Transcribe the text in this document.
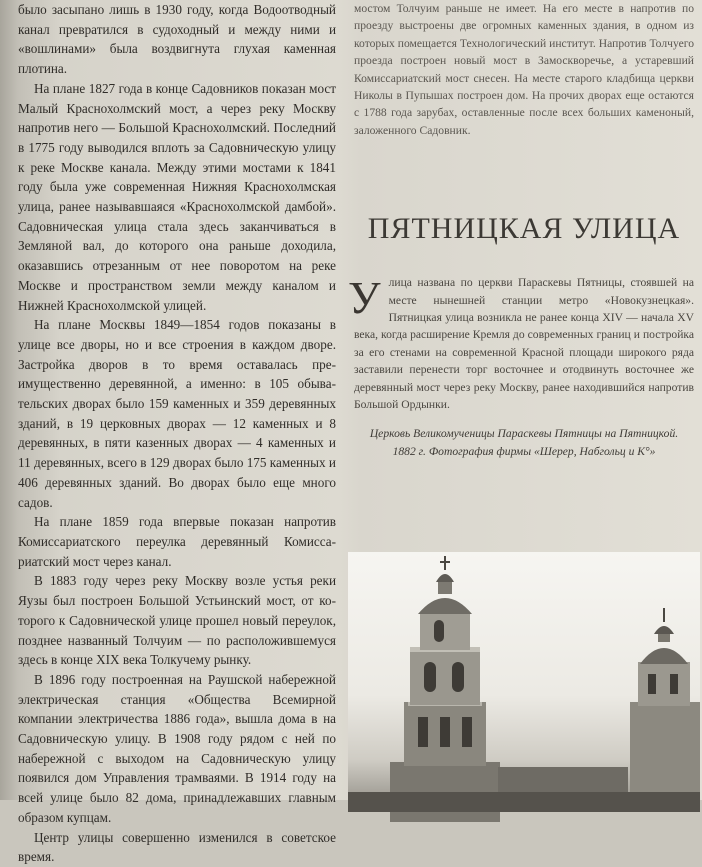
было засыпано лишь в 1930 году, когда Водоотводный канал превратился в судоходный и между ними и «вошлинами» была воздвигнута глухая каменная плотина.

На плане 1827 года в конце Садовников показан мост Малый Краснохолмский мост, а через реку Москву напротив него — Большой Краснохолмский. Последний в 1775 году выводился вплоть за Садовническую улицу к реке Москве канала. Между этими мостами к 1841 году была уже современная Нижняя Краснохолмская улица, ранее называвшаяся «Краснохолмской дамбой». Садовническая улица стала здесь заканчиваться в Земляной вал, до которого она раньше доходила, оказавшись отрезанным от нее поворотом на реке Москве и пространством земли между каналом и Нижней Краснохолмской улицей.

На плане Москвы 1849—1854 годов показаны в улице все дворы, но и все строения в каждом дворе. Застройка дворов в то время оставалась преимущественно деревянной, а именно: в 105 обывательских дворах было 159 каменных и 359 деревянных зданий, в 19 церковных дворах — 12 каменных и 8 деревянных, в пяти казенных дворах — 4 каменных и 11 деревянных, всего в 129 дворах было 175 каменных и 406 деревянных зданий. Во дворах было еще много садов.

На плане 1859 года впервые показан напротив Комиссариатского переулка деревянный Комиссариатский мост через канал.

В 1883 году через реку Москву возле устья реки Яузы был построен Большой Устьинский мост, от которого к Садовнической улице прошел новый переулок, позднее названный Толчуим — по расположившемуся здесь в конце XIX века Толкучему рынку.

В 1896 году построенная на Раушской набережной электрическая станция «Общества Всемирной компании электричества 1886 года», вышла дома в на Садовническую улицу. В 1908 году рядом с ней по набережной с выходом на Садовническую улицу появился дом Управления трамваями. В 1914 году на всей улице было 82 дома, принадлежавших главным образом купцам.

Центр улицы совершенно изменился в советское время.

мостом Толчуим раньше не имеет. На его месте в напротив по проезду выстроены две огромных каменных здания, в одном из которых помещается Технологический институт. Напротив Толчуего проезда построен новый мост в Замоскворечье, а устаревший Комиссариатский мост снесен. На месте старого кладбища церкви Николы в Пупышах построен дом. На прочих дворах еще остаются с 1788 года зарубах, оставленные после всех больших каменоный, заложенного Садовник.

ПЯТНИЦКАЯ УЛИЦА
У лица названа по церкви Параскевы Пятницы, стоявшей на месте нынешней станции метро «Новокузнецкая». Пятницкая улица возникла не ранее конца XIV — начала XV века, когда расширение Кремля до современных границ и постройка за его стенами на современной Красной площади широкого ряда заставили перенести торг восточнее и отодвинуть восточнее же деревянный мост через реку Москву, ранее находившийся напротив Большой Ордынки.
Церковь Великомученицы Параскевы Пятницы на Пятницкой. 1882 г. Фотография фирмы «Шерер, Набгольц и К°»
